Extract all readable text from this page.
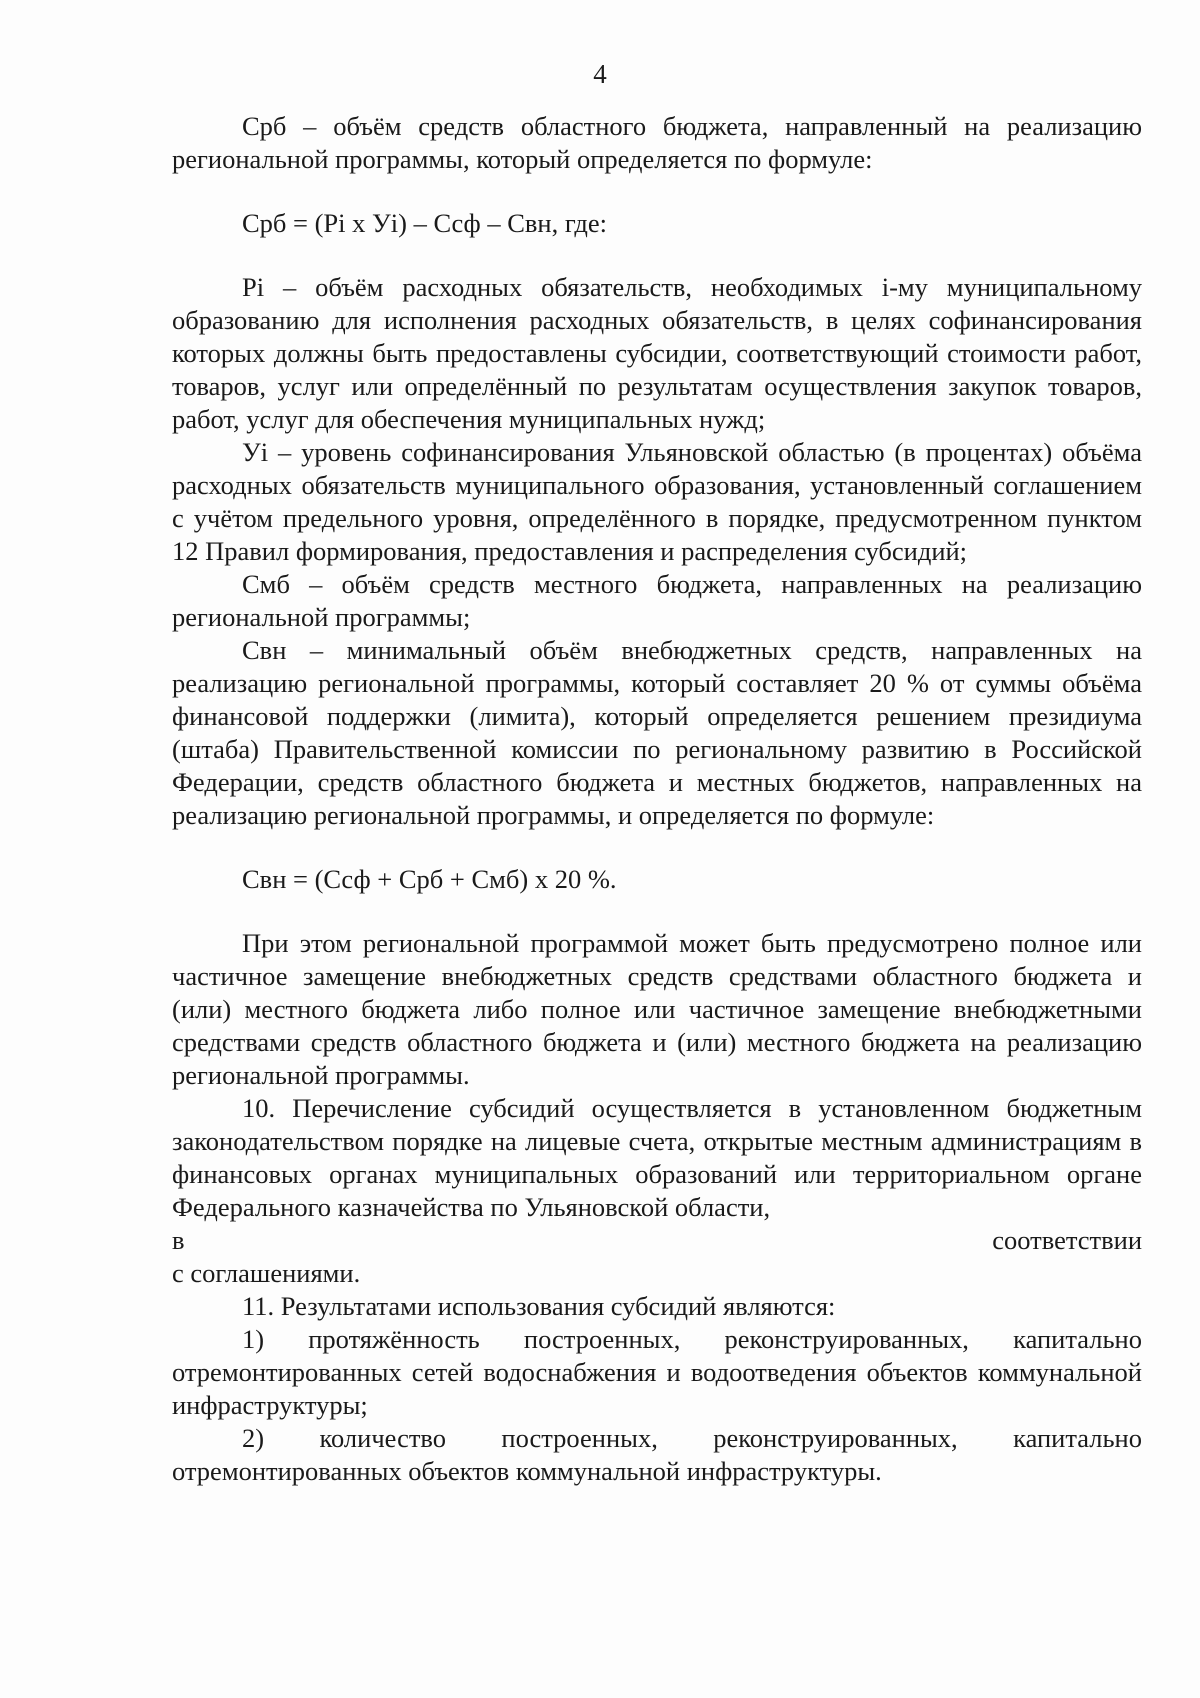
4

Срб – объём средств областного бюджета, направленный на реализацию региональной программы, который определяется по формуле:

Срб = (Pi x Уi) – Ссф – Свн, где:

Pi – объём расходных обязательств, необходимых i-му муниципальному образованию для исполнения расходных обязательств, в целях софинансирования которых должны быть предоставлены субсидии, соответствующий стоимости работ, товаров, услуг или определённый по результатам осуществления закупок товаров, работ, услуг для обеспечения муниципальных нужд;

Уi – уровень софинансирования Ульяновской областью (в процентах) объёма расходных обязательств муниципального образования, установленный соглашением с учётом предельного уровня, определённого в порядке, предусмотренном пунктом 12 Правил формирования, предоставления и распределения субсидий;

Смб – объём средств местного бюджета, направленных на реализацию региональной программы;

Свн – минимальный объём внебюджетных средств, направленных на реализацию региональной программы, который составляет 20 % от суммы объёма финансовой поддержки (лимита), который определяется решением президиума (штаба) Правительственной комиссии по региональному развитию в Российской Федерации, средств областного бюджета и местных бюджетов, направленных на реализацию региональной программы, и определяется по формуле:

Свн = (Ссф + Срб + Смб) x 20 %.

При этом региональной программой может быть предусмотрено полное или частичное замещение внебюджетных средств средствами областного бюджета и (или) местного бюджета либо полное или частичное замещение внебюджетными средствами средств областного бюджета и (или) местного бюджета на реализацию региональной программы.

10. Перечисление субсидий осуществляется в установленном бюджетным законодательством порядке на лицевые счета, открытые местным администрациям в финансовых органах муниципальных образований или территориальном органе Федерального казначейства по Ульяновской области,

в соответствии

с соглашениями.

11. Результатами использования субсидий являются:

1) протяжённость построенных, реконструированных, капитально отремонтированных сетей водоснабжения и водоотведения объектов коммунальной инфраструктуры;

2) количество построенных, реконструированных, капитально отремонтированных объектов коммунальной инфраструктуры.
